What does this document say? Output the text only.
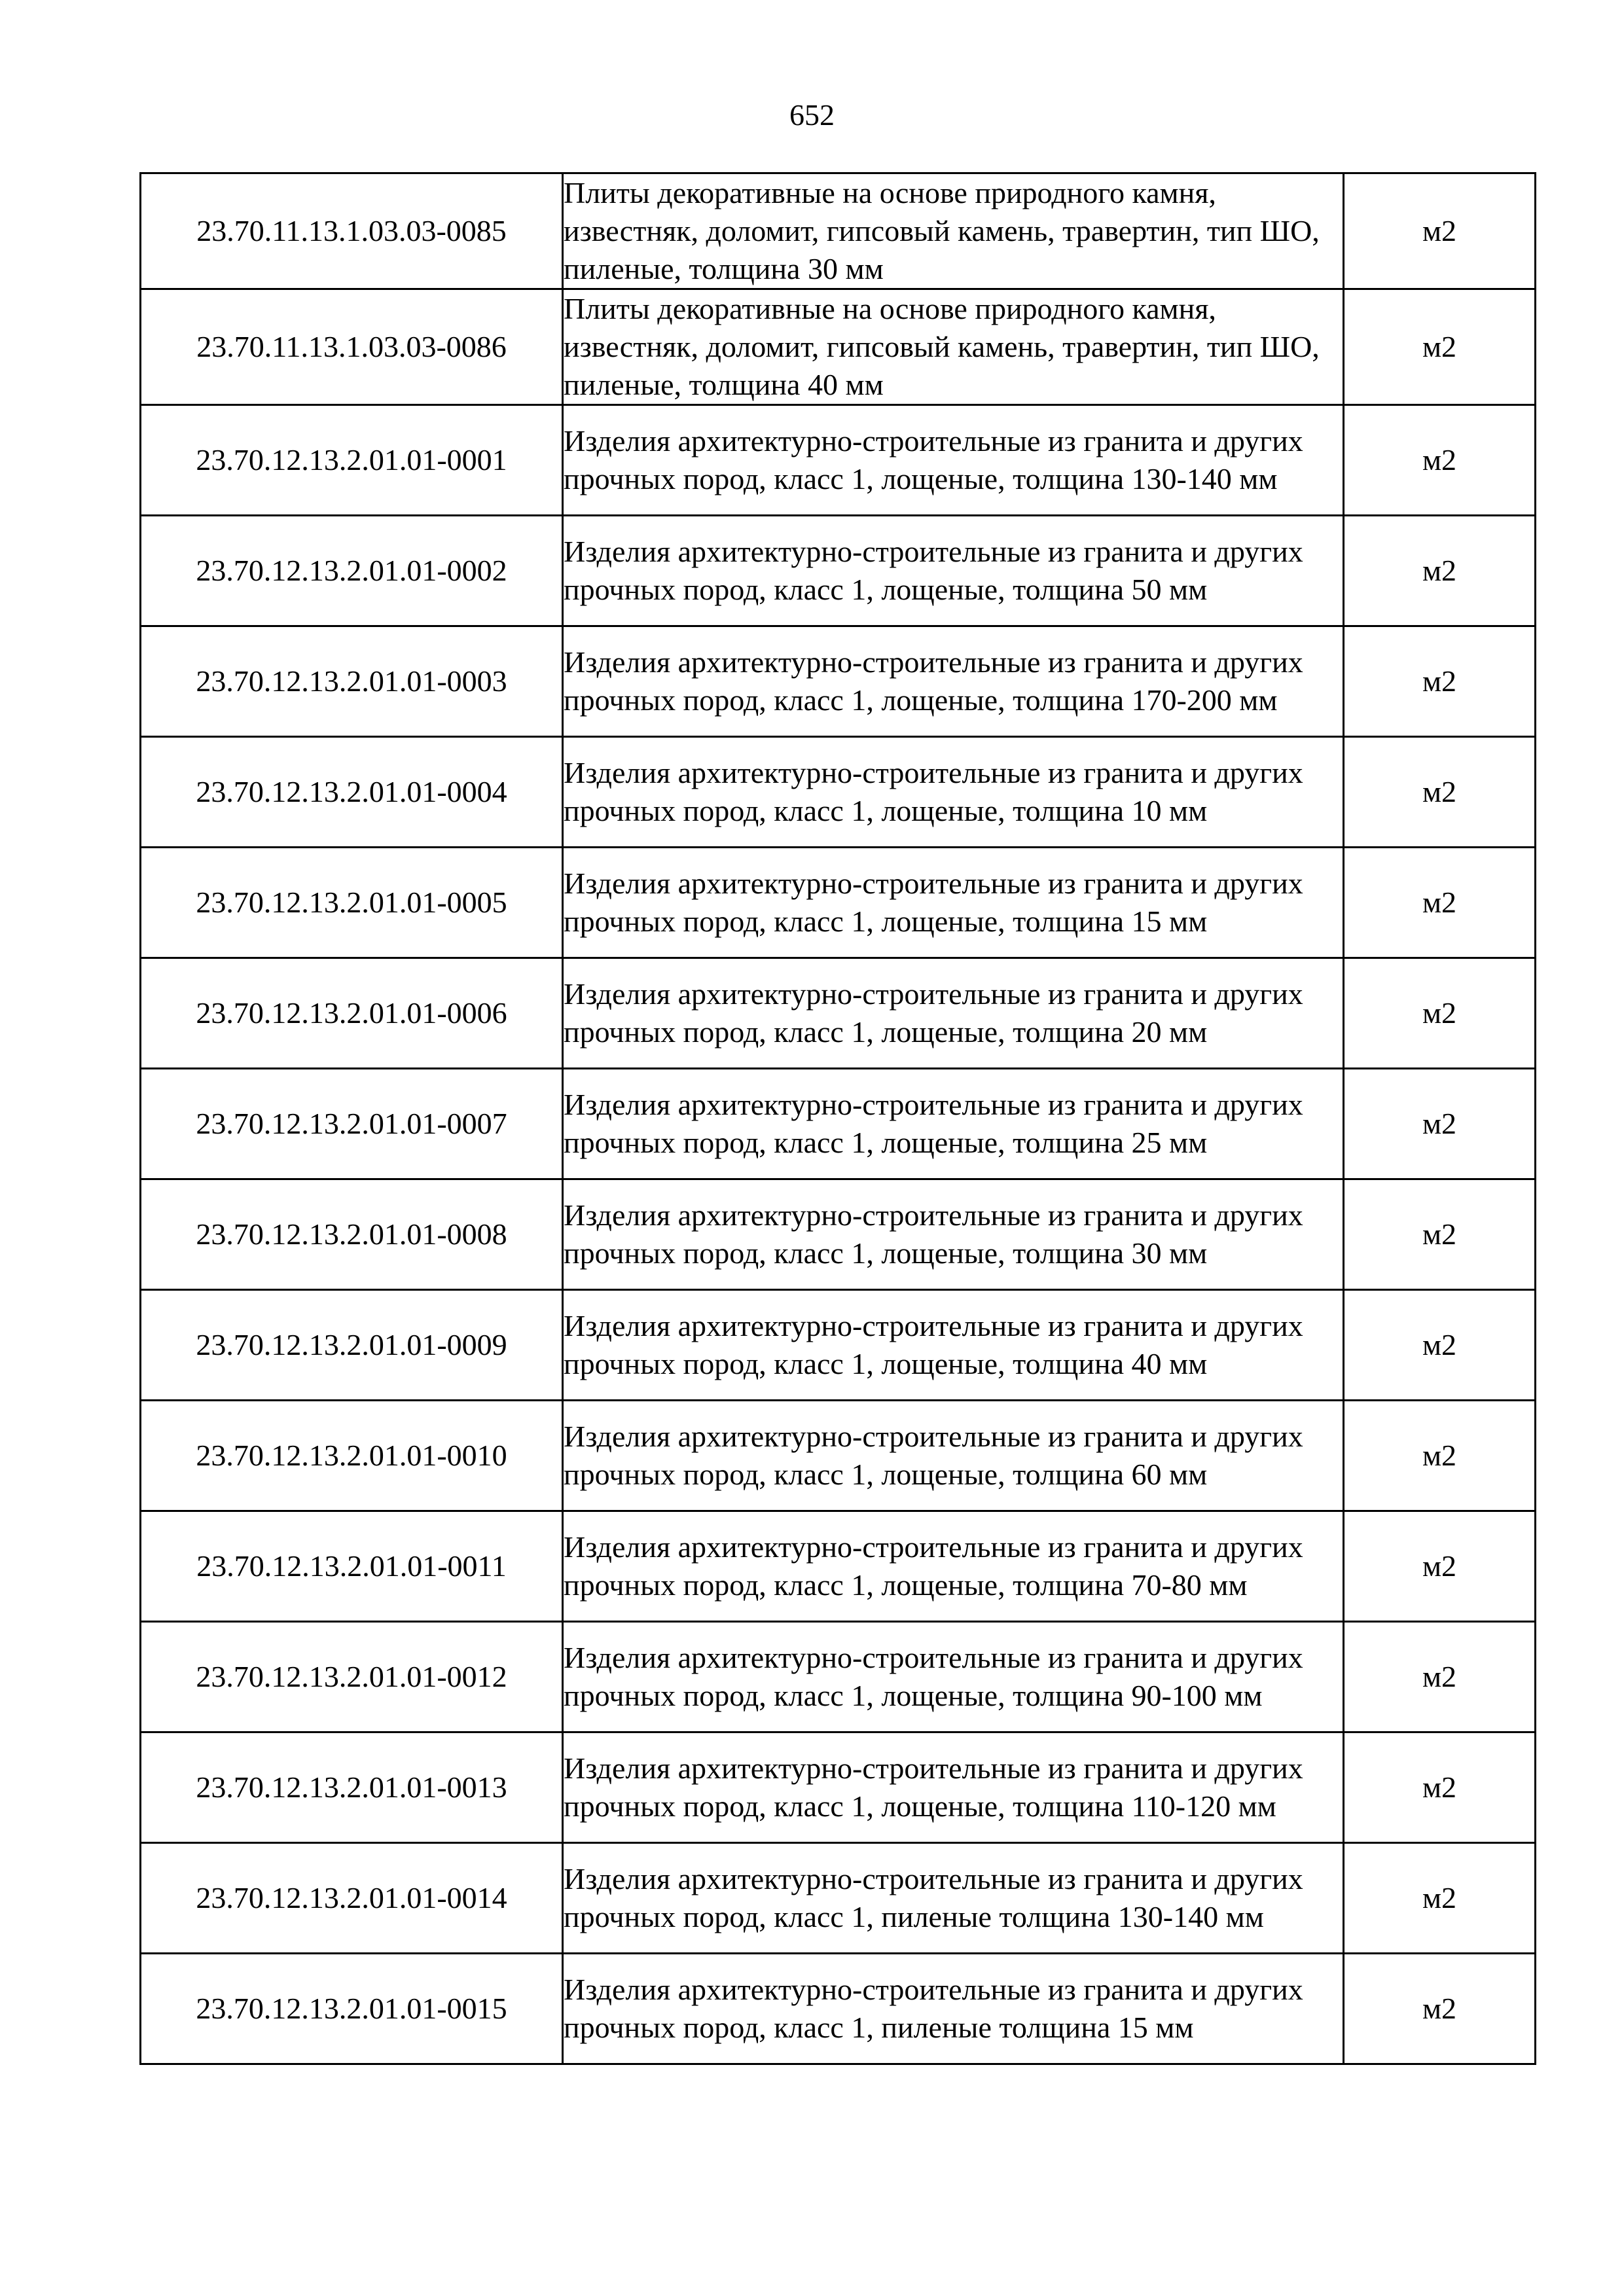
652
23.70.11.13.1.03.03-0085	Плиты декоративные на основе природного камня, известняк, доломит, гипсовый камень, травертин, тип ШО, пиленые, толщина 30 мм	м2
23.70.11.13.1.03.03-0086	Плиты декоративные на основе природного камня, известняк, доломит, гипсовый камень, травертин, тип ШО, пиленые, толщина 40 мм	м2
23.70.12.13.2.01.01-0001	Изделия архитектурно-строительные из гранита и других прочных пород, класс 1, лощеные, толщина 130-140 мм	м2
23.70.12.13.2.01.01-0002	Изделия архитектурно-строительные из гранита и других прочных пород, класс 1, лощеные, толщина 50 мм	м2
23.70.12.13.2.01.01-0003	Изделия архитектурно-строительные из гранита и других прочных пород, класс 1, лощеные, толщина 170-200 мм	м2
23.70.12.13.2.01.01-0004	Изделия архитектурно-строительные из гранита и других прочных пород, класс 1, лощеные, толщина 10 мм	м2
23.70.12.13.2.01.01-0005	Изделия архитектурно-строительные из гранита и других прочных пород, класс 1, лощеные, толщина 15 мм	м2
23.70.12.13.2.01.01-0006	Изделия архитектурно-строительные из гранита и других прочных пород, класс 1, лощеные, толщина 20 мм	м2
23.70.12.13.2.01.01-0007	Изделия архитектурно-строительные из гранита и других прочных пород, класс 1, лощеные, толщина 25 мм	м2
23.70.12.13.2.01.01-0008	Изделия архитектурно-строительные из гранита и других прочных пород, класс 1, лощеные, толщина 30 мм	м2
23.70.12.13.2.01.01-0009	Изделия архитектурно-строительные из гранита и других прочных пород, класс 1, лощеные, толщина 40 мм	м2
23.70.12.13.2.01.01-0010	Изделия архитектурно-строительные из гранита и других прочных пород, класс 1, лощеные, толщина 60 мм	м2
23.70.12.13.2.01.01-0011	Изделия архитектурно-строительные из гранита и других прочных пород, класс 1, лощеные, толщина 70-80 мм	м2
23.70.12.13.2.01.01-0012	Изделия архитектурно-строительные из гранита и других прочных пород, класс 1, лощеные, толщина 90-100 мм	м2
23.70.12.13.2.01.01-0013	Изделия архитектурно-строительные из гранита и других прочных пород, класс 1, лощеные, толщина 110-120 мм	м2
23.70.12.13.2.01.01-0014	Изделия архитектурно-строительные из гранита и других прочных пород, класс 1, пиленые толщина 130-140 мм	м2
23.70.12.13.2.01.01-0015	Изделия архитектурно-строительные из гранита и других прочных пород, класс 1, пиленые толщина 15 мм	м2
